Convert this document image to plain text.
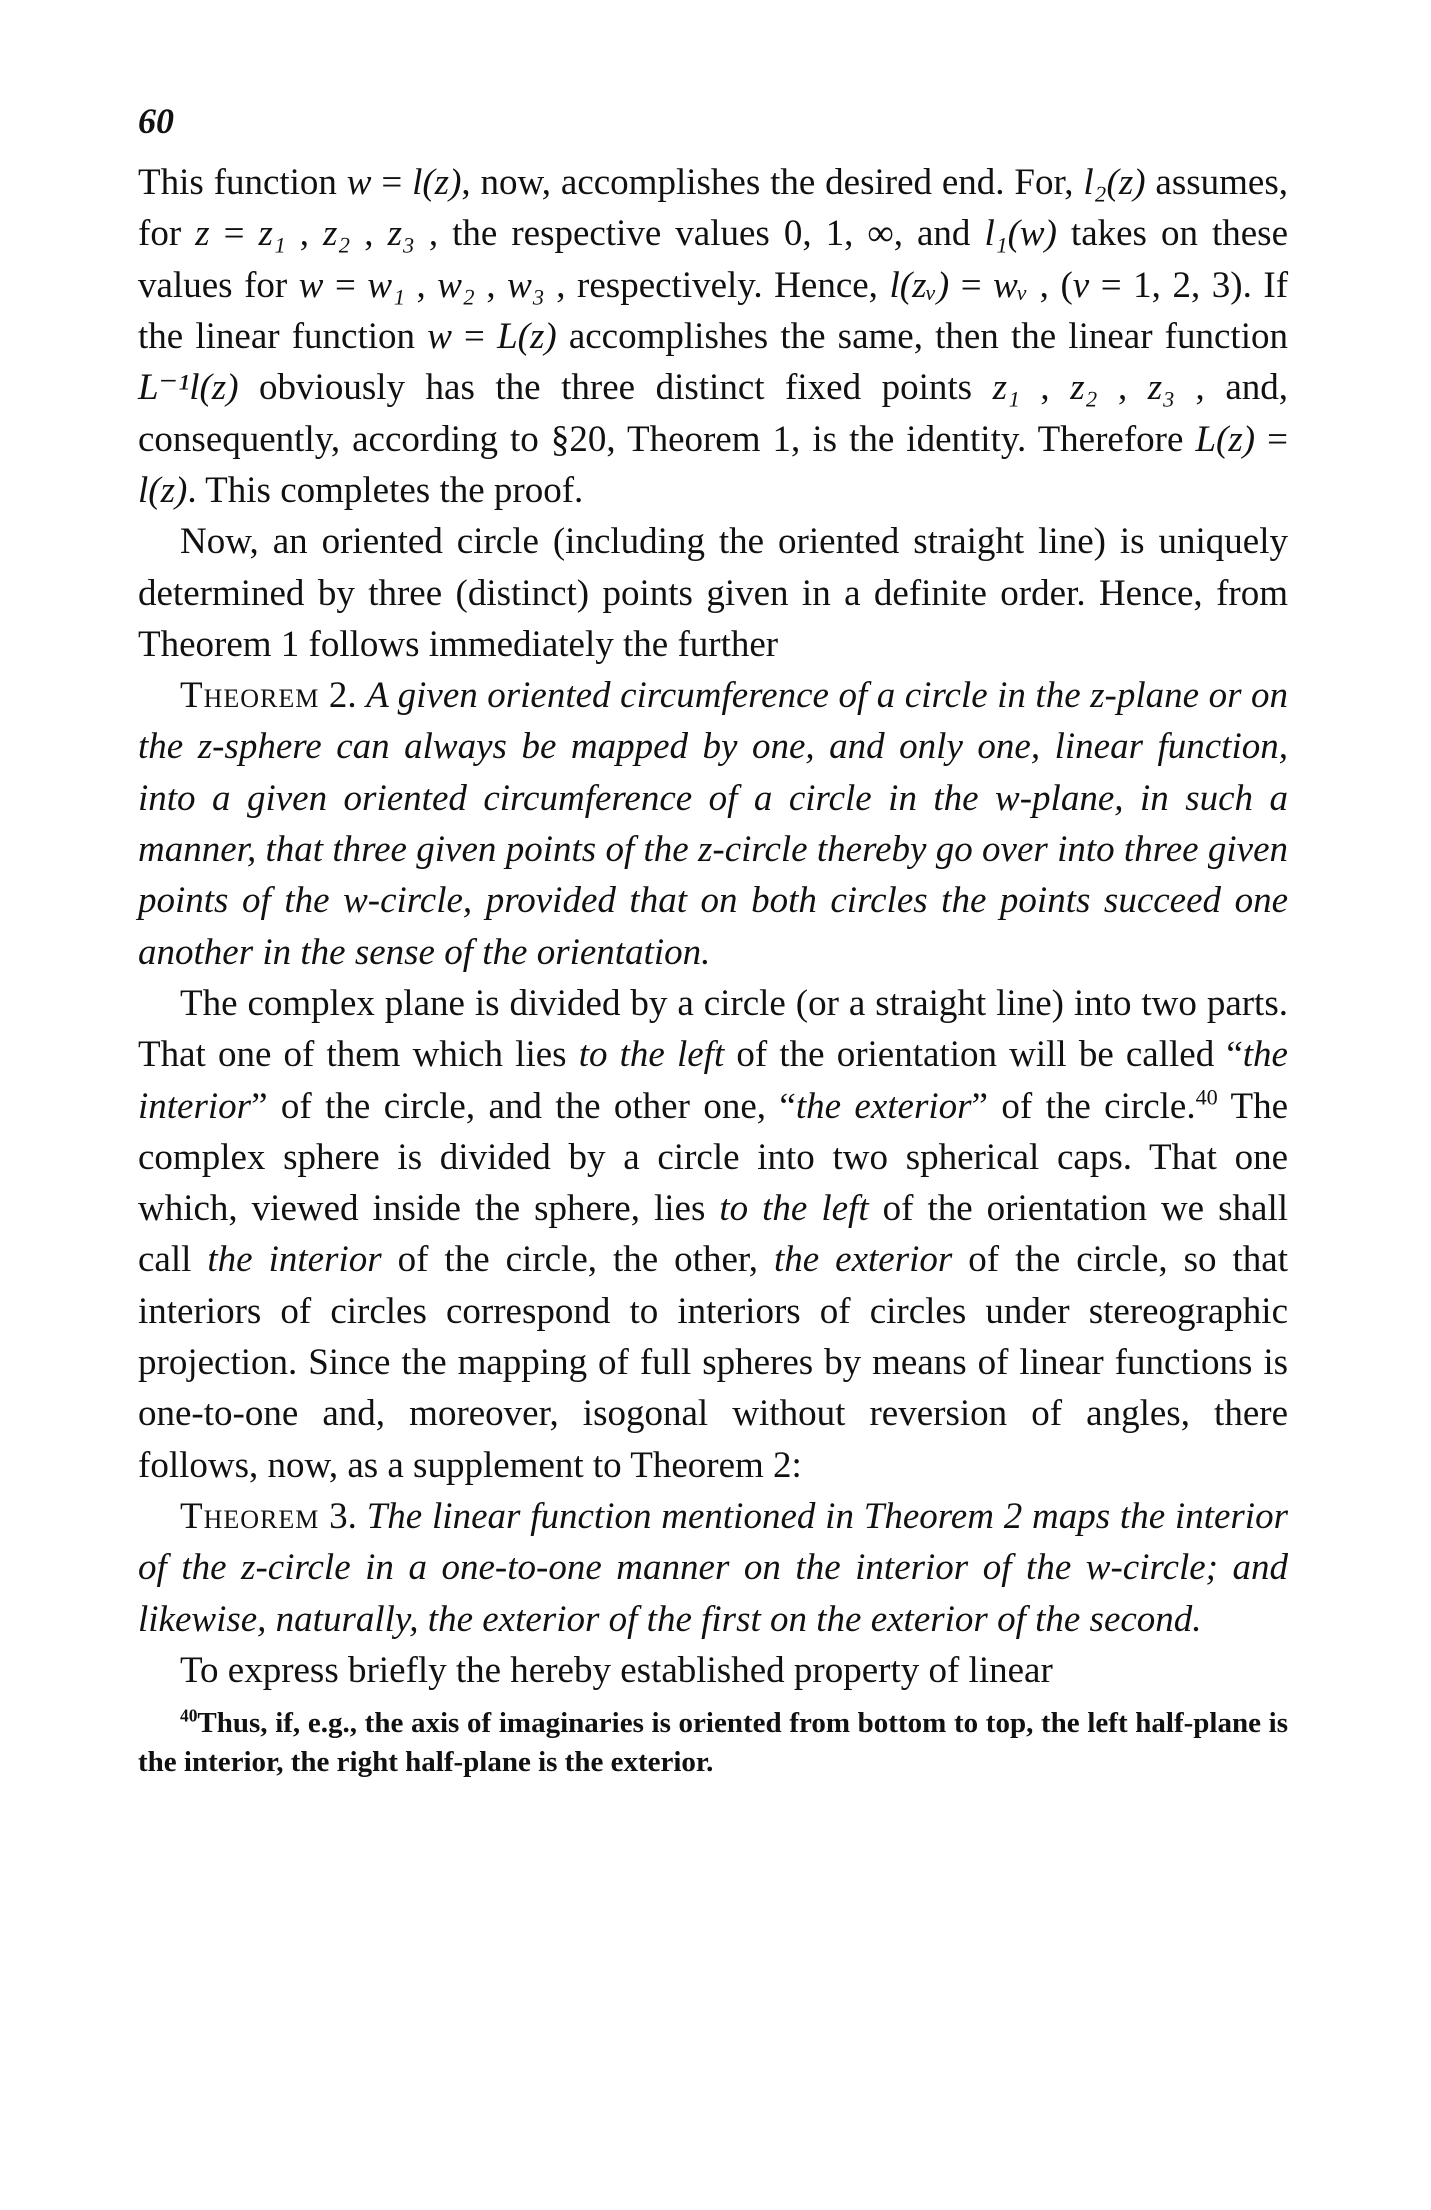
60

This function w = l(z), now, accomplishes the desired end. For, l₂(z) assumes, for z = z₁ , z₂ , z₃ , the respective values 0, 1, ∞, and l₁(w) takes on these values for w = w₁ , w₂ , w₃ , respectively. Hence, l(zᵥ) = wᵥ , (ν = 1, 2, 3). If the linear function w = L(z) accomplishes the same, then the linear function L⁻¹l(z) obviously has the three distinct fixed points z₁ , z₂ , z₃ , and, consequently, according to §20, Theorem 1, is the identity. Therefore L(z) = l(z). This completes the proof.

Now, an oriented circle (including the oriented straight line) is uniquely determined by three (distinct) points given in a definite order. Hence, from Theorem 1 follows immediately the further

Theorem 2. A given oriented circumference of a circle in the z-plane or on the z-sphere can always be mapped by one, and only one, linear function, into a given oriented circumference of a circle in the w-plane, in such a manner, that three given points of the z-circle thereby go over into three given points of the w-circle, provided that on both circles the points succeed one another in the sense of the orientation.

The complex plane is divided by a circle (or a straight line) into two parts. That one of them which lies to the left of the orientation will be called “the interior” of the circle, and the other one, “the exterior” of the circle.$^{40}$ The complex sphere is divided by a circle into two spherical caps. That one which, viewed inside the sphere, lies to the left of the orientation we shall call the interior of the circle, the other, the exterior of the circle, so that interiors of circles correspond to interiors of circles under stereographic projection. Since the mapping of full spheres by means of linear functions is one-to-one and, moreover, isogonal without reversion of angles, there follows, now, as a supplement to Theorem 2:

Theorem 3. The linear function mentioned in Theorem 2 maps the interior of the z-circle in a one-to-one manner on the interior of the w-circle; and likewise, naturally, the exterior of the first on the exterior of the second.

To express briefly the hereby established property of linear

$^{40}$Thus, if, e.g., the axis of imaginaries is oriented from bottom to top, the left half-plane is the interior, the right half-plane is the exterior.
